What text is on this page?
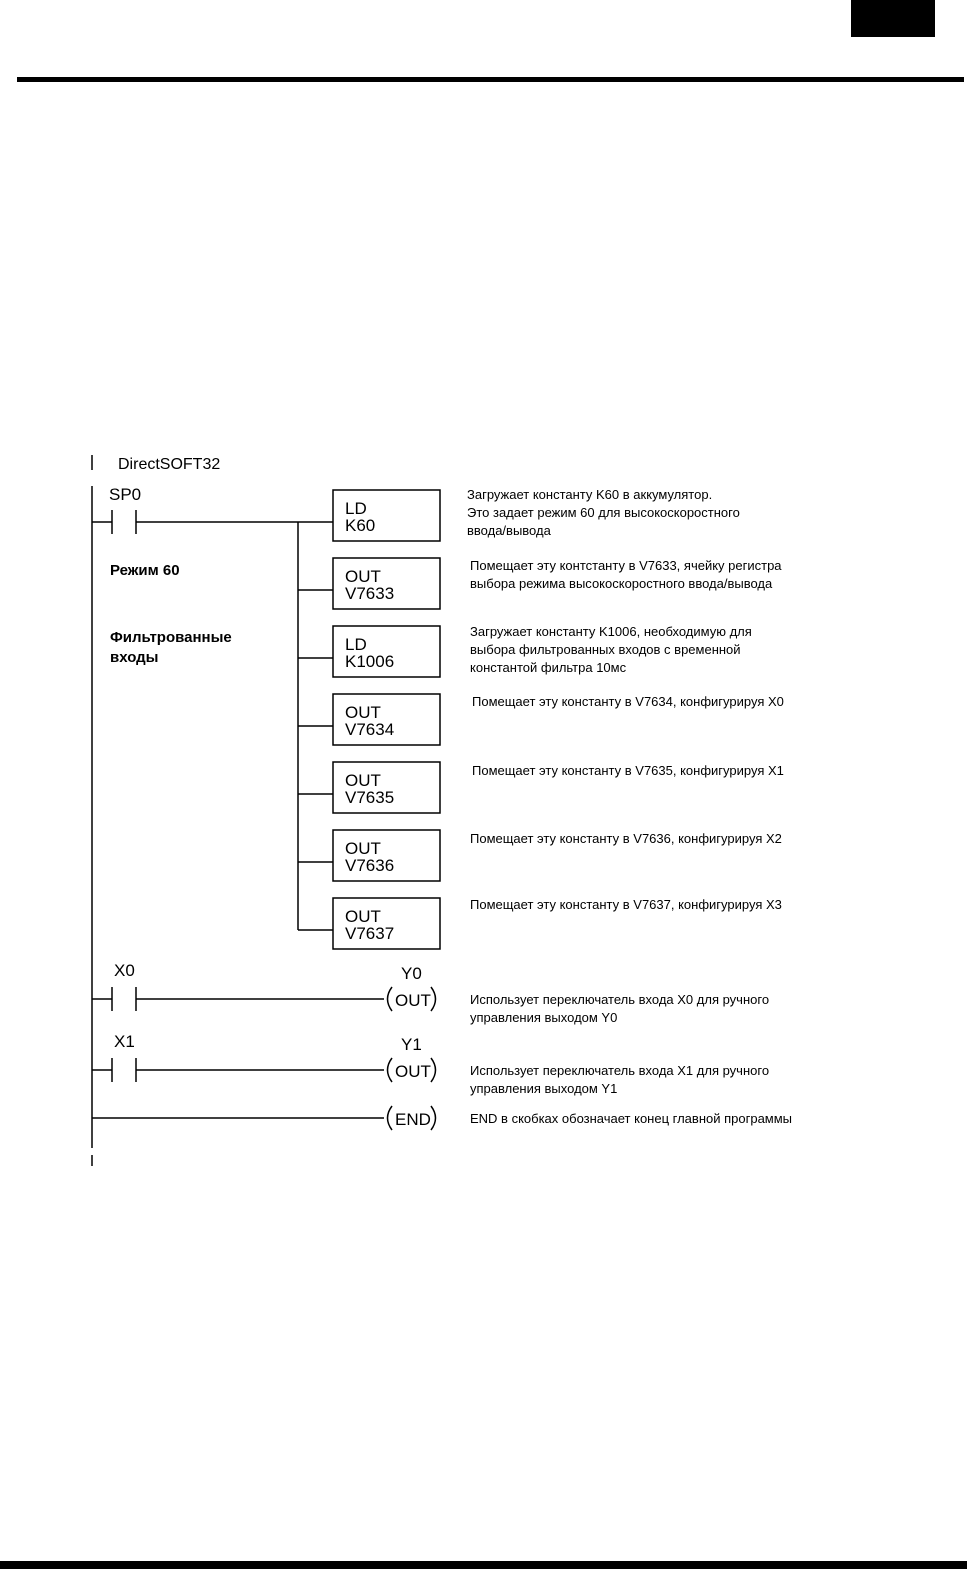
DirectSOFT32
SP0
LD
K60
OUT
V7633
LD
K1006
OUT
V7634
OUT
V7635
OUT
V7636
OUT
V7637
Режим 60
Фильтрованные
входы
X0	Y0
OUT
X1	Y1
OUT
END
Загружает константу K60 в аккумулятор.
Это задает режим 60 для высокоскоростного
ввода/вывода
Помещает эту контстанту в V7633, ячейку регистра
выбора режима высокоскоростного ввода/вывода
Загружает константу K1006, необходимую для
выбора фильтрованных входов с временной
константой фильтра 10мс
Помещает эту константу в V7634, конфигурируя X0
Помещает эту константу в V7635, конфигурируя X1
Помещает эту константу в V7636, конфигурируя X2
Помещает эту константу в V7637, конфигурируя X3
Использует переключатель входа X0 для ручного
управления выходом Y0
Использует переключатель входа X1 для ручного
управления выходом Y1
END в скобках обозначает конец главной программы
